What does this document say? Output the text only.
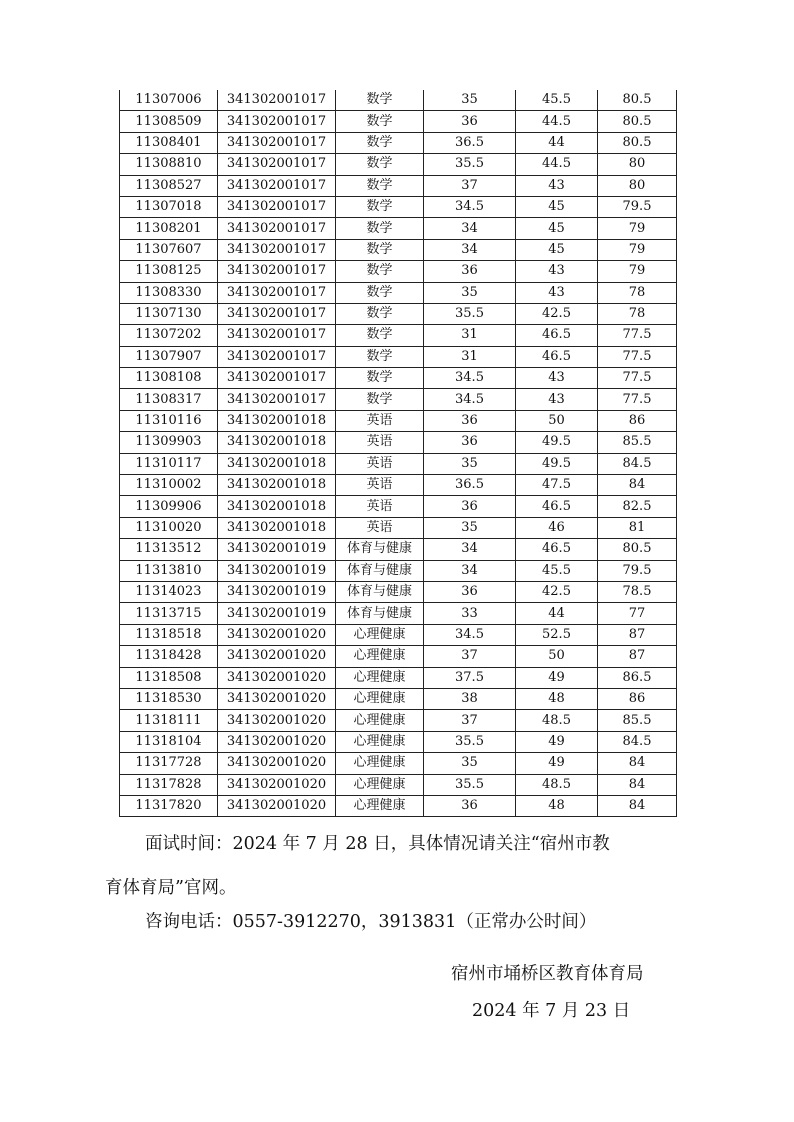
11307006	341302001017	数学	35	45.5	80.5
11308509	341302001017	数学	36	44.5	80.5
11308401	341302001017	数学	36.5	44	80.5
11308810	341302001017	数学	35.5	44.5	80
11308527	341302001017	数学	37	43	80
11307018	341302001017	数学	34.5	45	79.5
11308201	341302001017	数学	34	45	79
11307607	341302001017	数学	34	45	79
11308125	341302001017	数学	36	43	79
11308330	341302001017	数学	35	43	78
11307130	341302001017	数学	35.5	42.5	78
11307202	341302001017	数学	31	46.5	77.5
11307907	341302001017	数学	31	46.5	77.5
11308108	341302001017	数学	34.5	43	77.5
11308317	341302001017	数学	34.5	43	77.5
11310116	341302001018	英语	36	50	86
11309903	341302001018	英语	36	49.5	85.5
11310117	341302001018	英语	35	49.5	84.5
11310002	341302001018	英语	36.5	47.5	84
11309906	341302001018	英语	36	46.5	82.5
11310020	341302001018	英语	35	46	81
11313512	341302001019	体育与健康	34	46.5	80.5
11313810	341302001019	体育与健康	34	45.5	79.5
11314023	341302001019	体育与健康	36	42.5	78.5
11313715	341302001019	体育与健康	33	44	77
11318518	341302001020	心理健康	34.5	52.5	87
11318428	341302001020	心理健康	37	50	87
11318508	341302001020	心理健康	37.5	49	86.5
11318530	341302001020	心理健康	38	48	86
11318111	341302001020	心理健康	37	48.5	85.5
11318104	341302001020	心理健康	35.5	49	84.5
11317728	341302001020	心理健康	35	49	84
11317828	341302001020	心理健康	35.5	48.5	84
11317820	341302001020	心理健康	36	48	84
面试时间：2024 年 7 月 28 日，具体情况请关注“宿州市教
育体育局”官网。
咨询电话：0557-3912270，3913831（正常办公时间）
宿州市埇桥区教育体育局
2024 年 7 月 23 日
